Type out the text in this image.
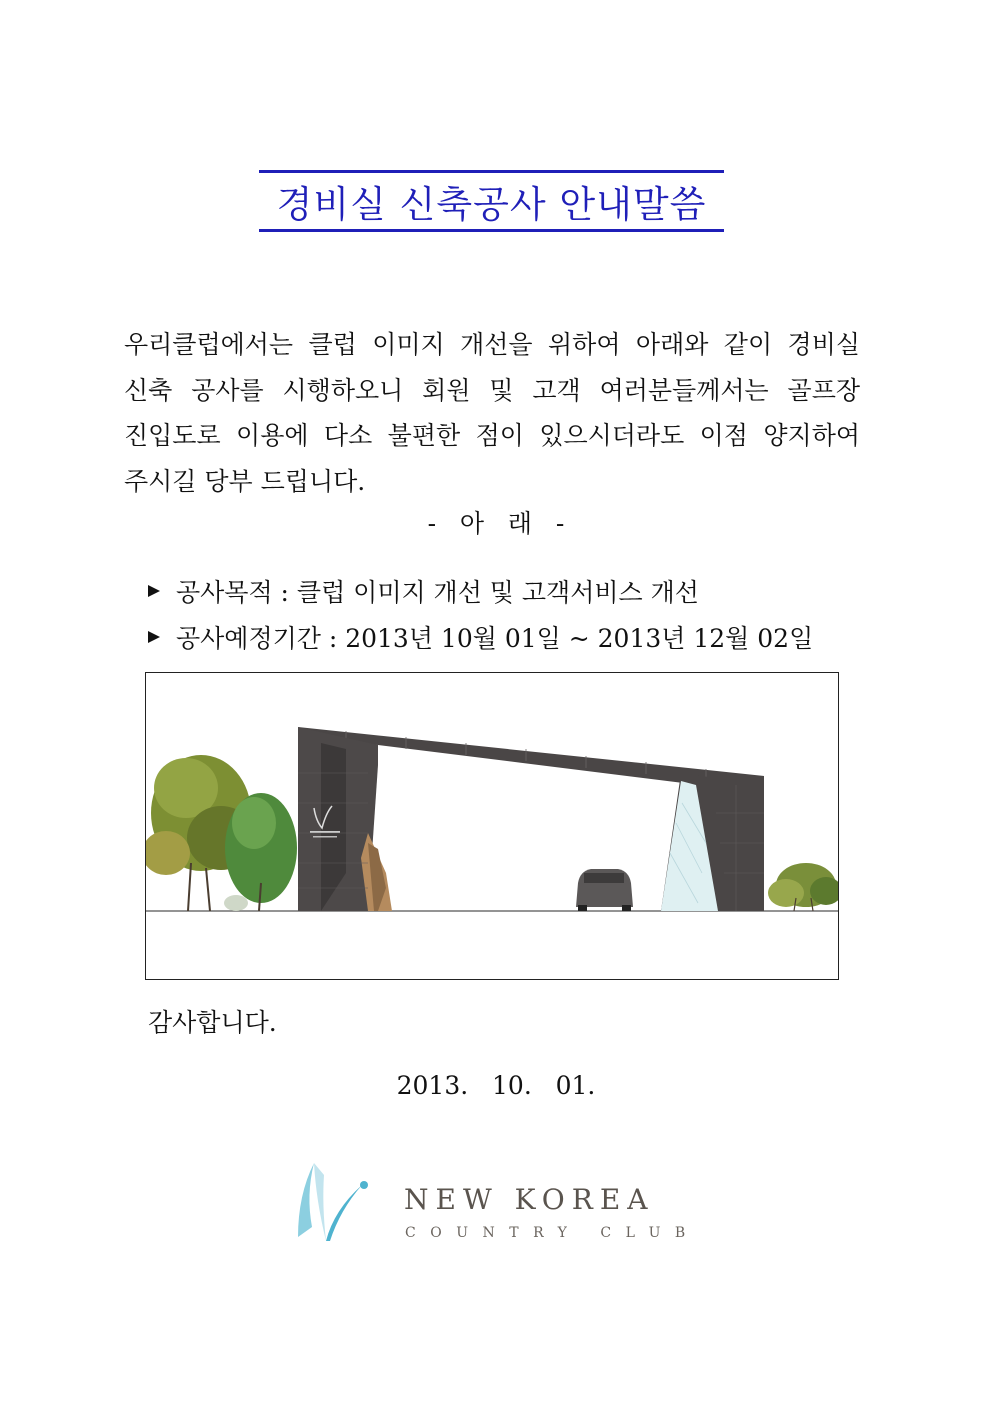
경비실 신축공사 안내말씀
우리클럽에서는 클럽 이미지 개선을 위하여 아래와 같이 경비실
신축 공사를 시행하오니 회원 및 고객 여러분들께서는 골프장
진입도로 이용에 다소 불편한 점이 있으시더라도 이점 양지하여
주시길 당부 드립니다.
-   아   래   -
공사목적 : 클럽 이미지 개선 및 고객서비스 개선
공사예정기간 : 2013년 10월 01일 ~ 2013년 12월 02일
감사합니다.
2013.   10.   01.
NEW KOREA
COUNTRY CLUB
